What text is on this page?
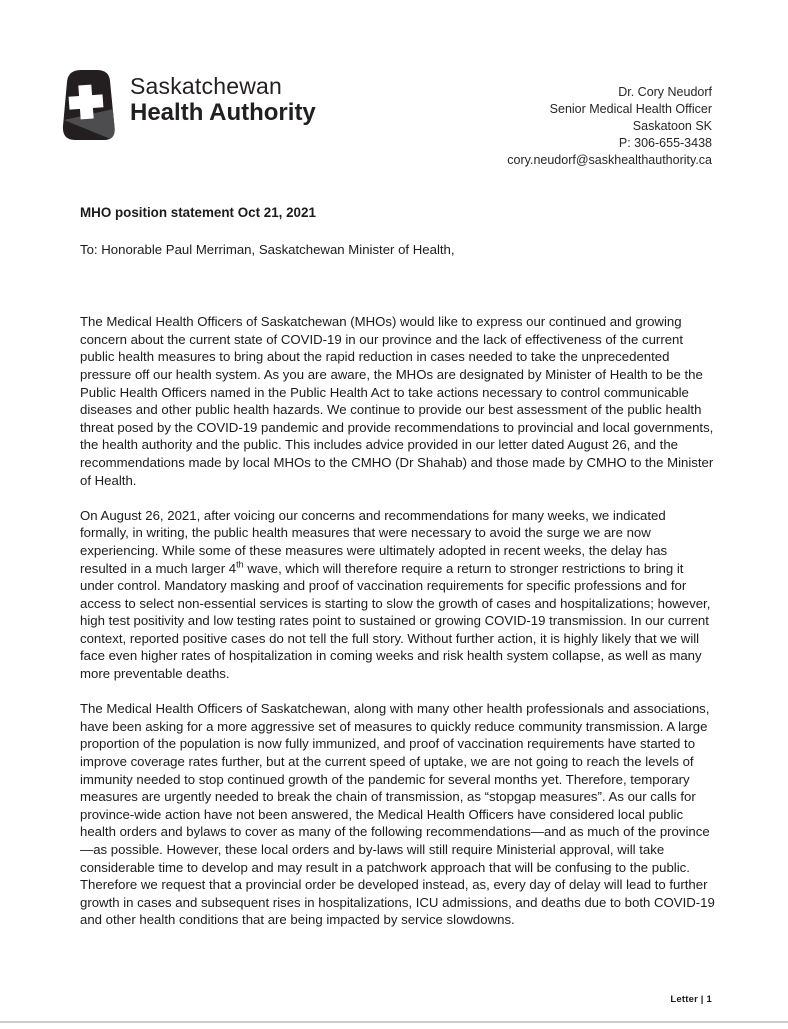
Saskatchewan
Health Authority
Dr. Cory Neudorf
Senior Medical Health Officer
Saskatoon SK
P: 306-655-3438
cory.neudorf@saskhealthauthority.ca
MHO position statement Oct 21, 2021
To: Honorable Paul Merriman, Saskatchewan Minister of Health,

The Medical Health Officers of Saskatchewan (MHOs) would like to express our continued and growing concern about the current state of COVID-19 in our province and the lack of effectiveness of the current public health measures to bring about the rapid reduction in cases needed to take the unprecedented pressure off our health system. As you are aware, the MHOs are designated by Minister of Health to be the Public Health Officers named in the Public Health Act to take actions necessary to control communicable diseases and other public health hazards. We continue to provide our best assessment of the public health threat posed by the COVID-19 pandemic and provide recommendations to provincial and local governments, the health authority and the public. This includes advice provided in our letter dated August 26, and the recommendations made by local MHOs to the CMHO (Dr Shahab) and those made by CMHO to the Minister of Health.

On August 26, 2021, after voicing our concerns and recommendations for many weeks, we indicated formally, in writing, the public health measures that were necessary to avoid the surge we are now experiencing. While some of these measures were ultimately adopted in recent weeks, the delay has resulted in a much larger 4th wave, which will therefore require a return to stronger restrictions to bring it under control. Mandatory masking and proof of vaccination requirements for specific professions and for access to select non-essential services is starting to slow the growth of cases and hospitalizations; however, high test positivity and low testing rates point to sustained or growing COVID-19 transmission. In our current context, reported positive cases do not tell the full story. Without further action, it is highly likely that we will face even higher rates of hospitalization in coming weeks and risk health system collapse, as well as many more preventable deaths.

The Medical Health Officers of Saskatchewan, along with many other health professionals and associations, have been asking for a more aggressive set of measures to quickly reduce community transmission. A large proportion of the population is now fully immunized, and proof of vaccination requirements have started to improve coverage rates further, but at the current speed of uptake, we are not going to reach the levels of immunity needed to stop continued growth of the pandemic for several months yet. Therefore, temporary measures are urgently needed to break the chain of transmission, as “stopgap measures”. As our calls for province-wide action have not been answered, the Medical Health Officers have considered local public health orders and bylaws to cover as many of the following recommendations—and as much of the province—as possible. However, these local orders and by-laws will still require Ministerial approval, will take considerable time to develop and may result in a patchwork approach that will be confusing to the public. Therefore we request that a provincial order be developed instead, as, every day of delay will lead to further growth in cases and subsequent rises in hospitalizations, ICU admissions, and deaths due to both COVID-19 and other health conditions that are being impacted by service slowdowns.

Letter | 1
